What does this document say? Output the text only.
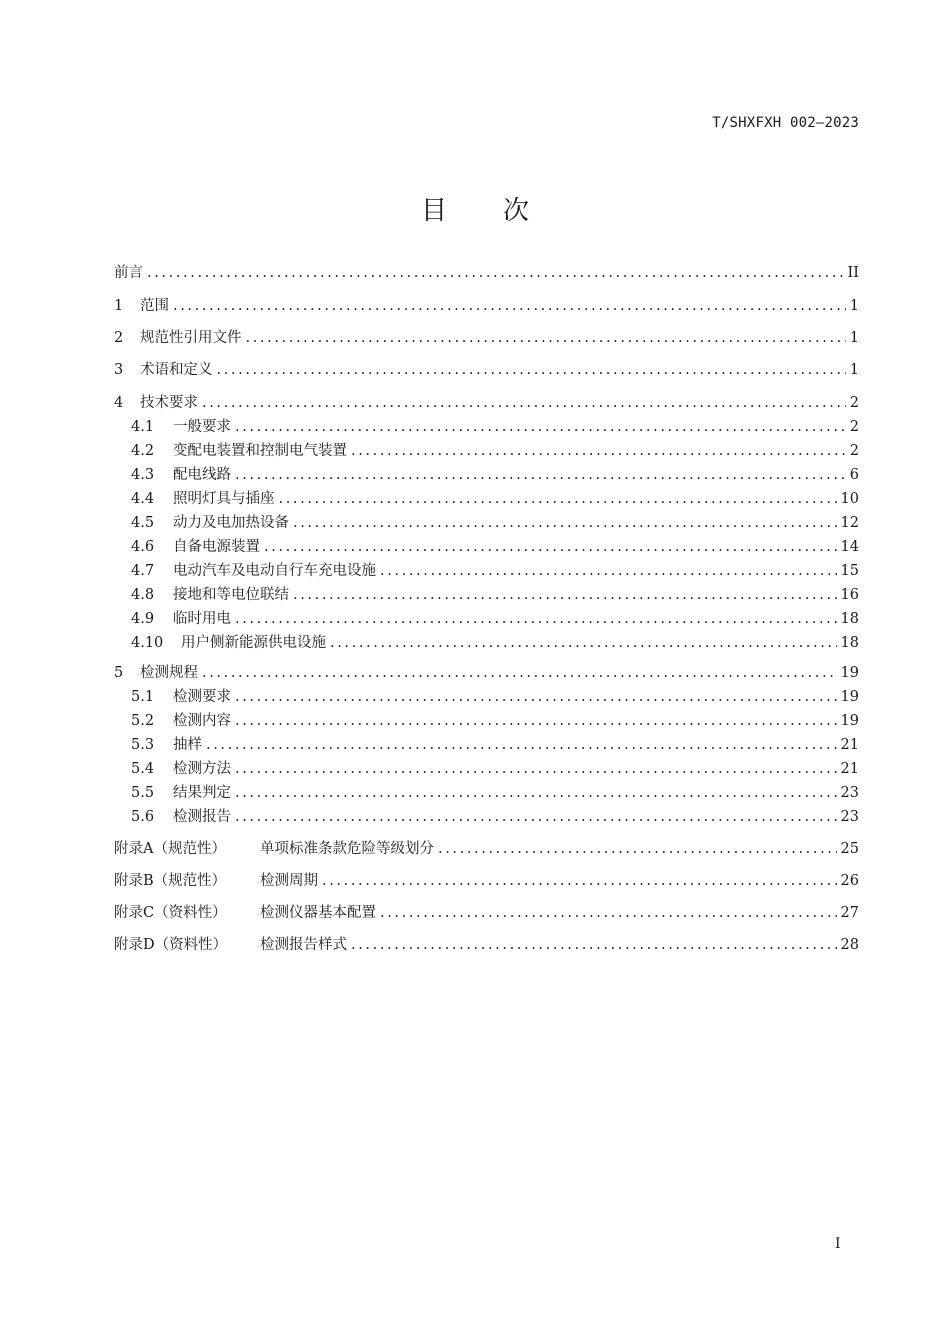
T/SHXFXH 002—2023
目次
前言 .....	II
1	范围 .....	1
2	规范性引用文件 .....	1
3	术语和定义 .....	1
4	技术要求 .....	2
4.1	一般要求 .....	2
4.2	变配电装置和控制电气装置 .....	2
4.3	配电线路 .....	6
4.4	照明灯具与插座 .....	10
4.5	动力及电加热设备 .....	12
4.6	自备电源装置 .....	14
4.7	电动汽车及电动自行车充电设施 .....	15
4.8	接地和等电位联结 .....	16
4.9	临时用电 .....	18
4.10	用户侧新能源供电设施 .....	18
5	检测规程 .....	19
5.1	检测要求 .....	19
5.2	检测内容 .....	19
5.3	抽样 .....	21
5.4	检测方法 .....	21
5.5	结果判定 .....	23
5.6	检测报告 .....	23
附录A（规范性）	单项标准条款危险等级划分 .....	25
附录B（规范性）	检测周期 .....	26
附录C（资料性）	检测仪器基本配置 .....	27
附录D（资料性）	检测报告样式 .....	28
I
